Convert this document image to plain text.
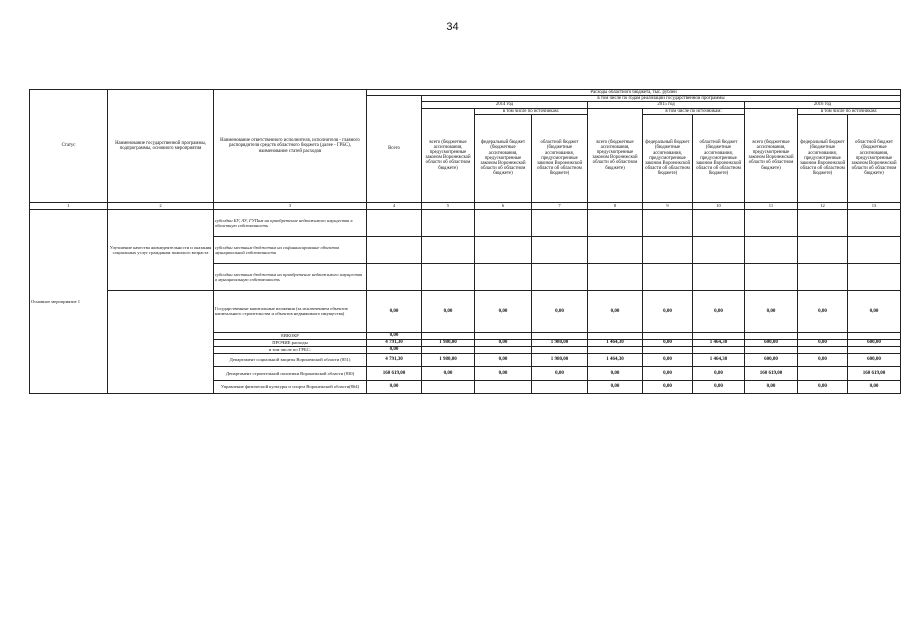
34
Статус	Наименование государственной программы, подпрограммы, основного мероприятия	Наименование ответственного исполнителя, исполнителя - главного распорядителя средств областного бюджета (далее - ГРБС), наименование статей расходов	Расходы областного бюджета, тыс. рублей									
			Всего	в том числе по годам реализации государственной программы								
				2014 год			2015 год			2016 год		
				всего (бюджетные ассигнования, предусмотренные законом Воронежской области об областном бюджете)	в том числе по источникам:		всего (бюджетные ассигнования, предусмотренные законом Воронежской области об областном бюджете)	в том числе по источникам:		всего (бюджетные ассигнования, предусмотренные законом Воронежской области об областном бюджете)	в том числе по источникам:	
					федеральный бюджет (бюджетные ассигнования, предусмотренные законом Воронежской области об областном бюджете)	областной бюджет (бюджетные ассигнования, предусмотренные законом Воронежской области об областном бюджете)		федеральный бюджет (бюджетные ассигнования, предусмотренные законом Воронежской области об областном бюджете)	областной бюджет (бюджетные ассигнования, предусмотренные законом Воронежской области об областном бюджете)		федеральный бюджет (бюджетные ассигнования, предусмотренные законом Воронежской области об областном бюджете)	областной бюджет (бюджетные ассигнования, предусмотренные законом Воронежской области об областном бюджете)
1	2	3	4	5	6	7	8	9	10	11	12	13
Основное мероприятие 1	Улучшение качества жизнедеятельности и оказания социальных услуг гражданам пожилого возраста	субсидии БУ, АУ, ГУПам на приобретение недвижимого имущества в областную собственность										
		субсидии местным бюджетам на софинансирование объектов муниципальной собственности										
		субсидии местным бюджетам на приобретение недвижимого имущества в муниципальную собственность										
		Государственные капитальные вложения (за исключением объектов капитального строительства и объектов недвижимого имущества)	0,00	0,00	0,00	0,00	0,00	0,00	0,00	0,00	0,00	0,00
		ЕВКОКР	0,00									
		ПРОЧИЕ расходы	4 791,30	1 980,00	0,00	1 980,00	1 464,30	0,00	1 464,30	600,00	0,00	600,00
		в том числе по ГРБС:	0,00									
		Департамент социальной защиты Воронежской области (851)	4 791,30	1 980,00	0,00	1 980,00	1 464,30	0,00	1 464,30	600,00	0,00	600,00
		Департамент строительной политики Воронежской области (830)	160 619,00	0,00	0,00	0,00	0,00	0,00	0,00	160 619,00		160 619,00
		Управление физической культуры и спорта Воронежской области(864)	0,00				0,00	0,00	0,00	0,00	0,00	0,00
